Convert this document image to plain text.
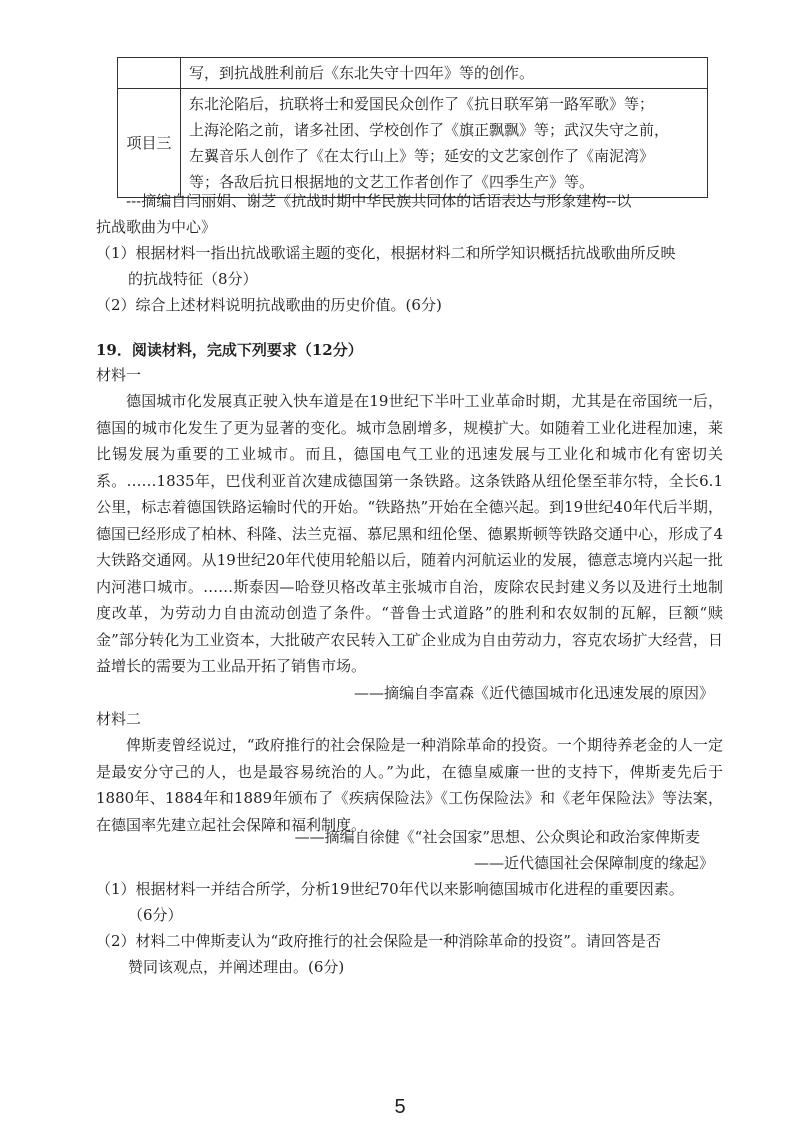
	写，到抗战胜利前后《东北失守十四年》等的创作。
项目三	东北沦陷后，抗联将士和爱国民众创作了《抗日联军第一路军歌》等；
上海沦陷之前，诸多社团、学校创作了《旗正飘飘》等；武汉失守之前，
左翼音乐人创作了《在太行山上》等；延安的文艺家创作了《南泥湾》
等；各敌后抗日根据地的文艺工作者创作了《四季生产》等。

---摘编自闫丽娟、谢芝《抗战时期中华民族共同体的话语表达与形象建构--以

抗战歌曲为中心》

（1）根据材料一指出抗战歌谣主题的变化，根据材料二和所学知识概括抗战歌曲所反映
的抗战特征（8分）

（2）综合上述材料说明抗战歌曲的历史价值。(6分)

19．阅读材料，完成下列要求（12分）

材料一

德国城市化发展真正驶入快车道是在19世纪下半叶工业革命时期，尤其是在帝国统一后，德国的城市化发生了更为显著的变化。城市急剧增多，规模扩大。如随着工业化进程加速，莱比锡发展为重要的工业城市。而且，德国电气工业的迅速发展与工业化和城市化有密切关系。……1835年，巴伐利亚首次建成德国第一条铁路。这条铁路从纽伦堡至菲尔特，全长6.1公里，标志着德国铁路运输时代的开始。“铁路热”开始在全德兴起。到19世纪40年代后半期，德国已经形成了柏林、科隆、法兰克福、慕尼黑和纽伦堡、德累斯顿等铁路交通中心，形成了4大铁路交通网。从19世纪20年代使用轮船以后，随着内河航运业的发展，德意志境内兴起一批内河港口城市。……斯泰因—哈登贝格改革主张城市自治，废除农民封建义务以及进行土地制度改革，为劳动力自由流动创造了条件。“普鲁士式道路”的胜利和农奴制的瓦解，巨额“赎金”部分转化为工业资本，大批破产农民转入工矿企业成为自由劳动力，容克农场扩大经营，日益增长的需要为工业品开拓了销售市场。

——摘编自李富森《近代德国城市化迅速发展的原因》

材料二

俾斯麦曾经说过，“政府推行的社会保险是一种消除革命的投资。一个期待养老金的人一定是最安分守己的人，也是最容易统治的人。”为此，在德皇威廉一世的支持下，俾斯麦先后于1880年、1884年和1889年颁布了《疾病保险法》《工伤保险法》和《老年保险法》等法案，在德国率先建立起社会保障和福利制度。

——摘编自徐健《“社会国家”思想、公众舆论和政治家俾斯麦

——近代德国社会保障制度的缘起》

（1）根据材料一并结合所学，分析19世纪70年代以来影响德国城市化进程的重要因素。
（6分）

（2）材料二中俾斯麦认为“政府推行的社会保险是一种消除革命的投资”。请回答是否
赞同该观点，并阐述理由。(6分)

5
